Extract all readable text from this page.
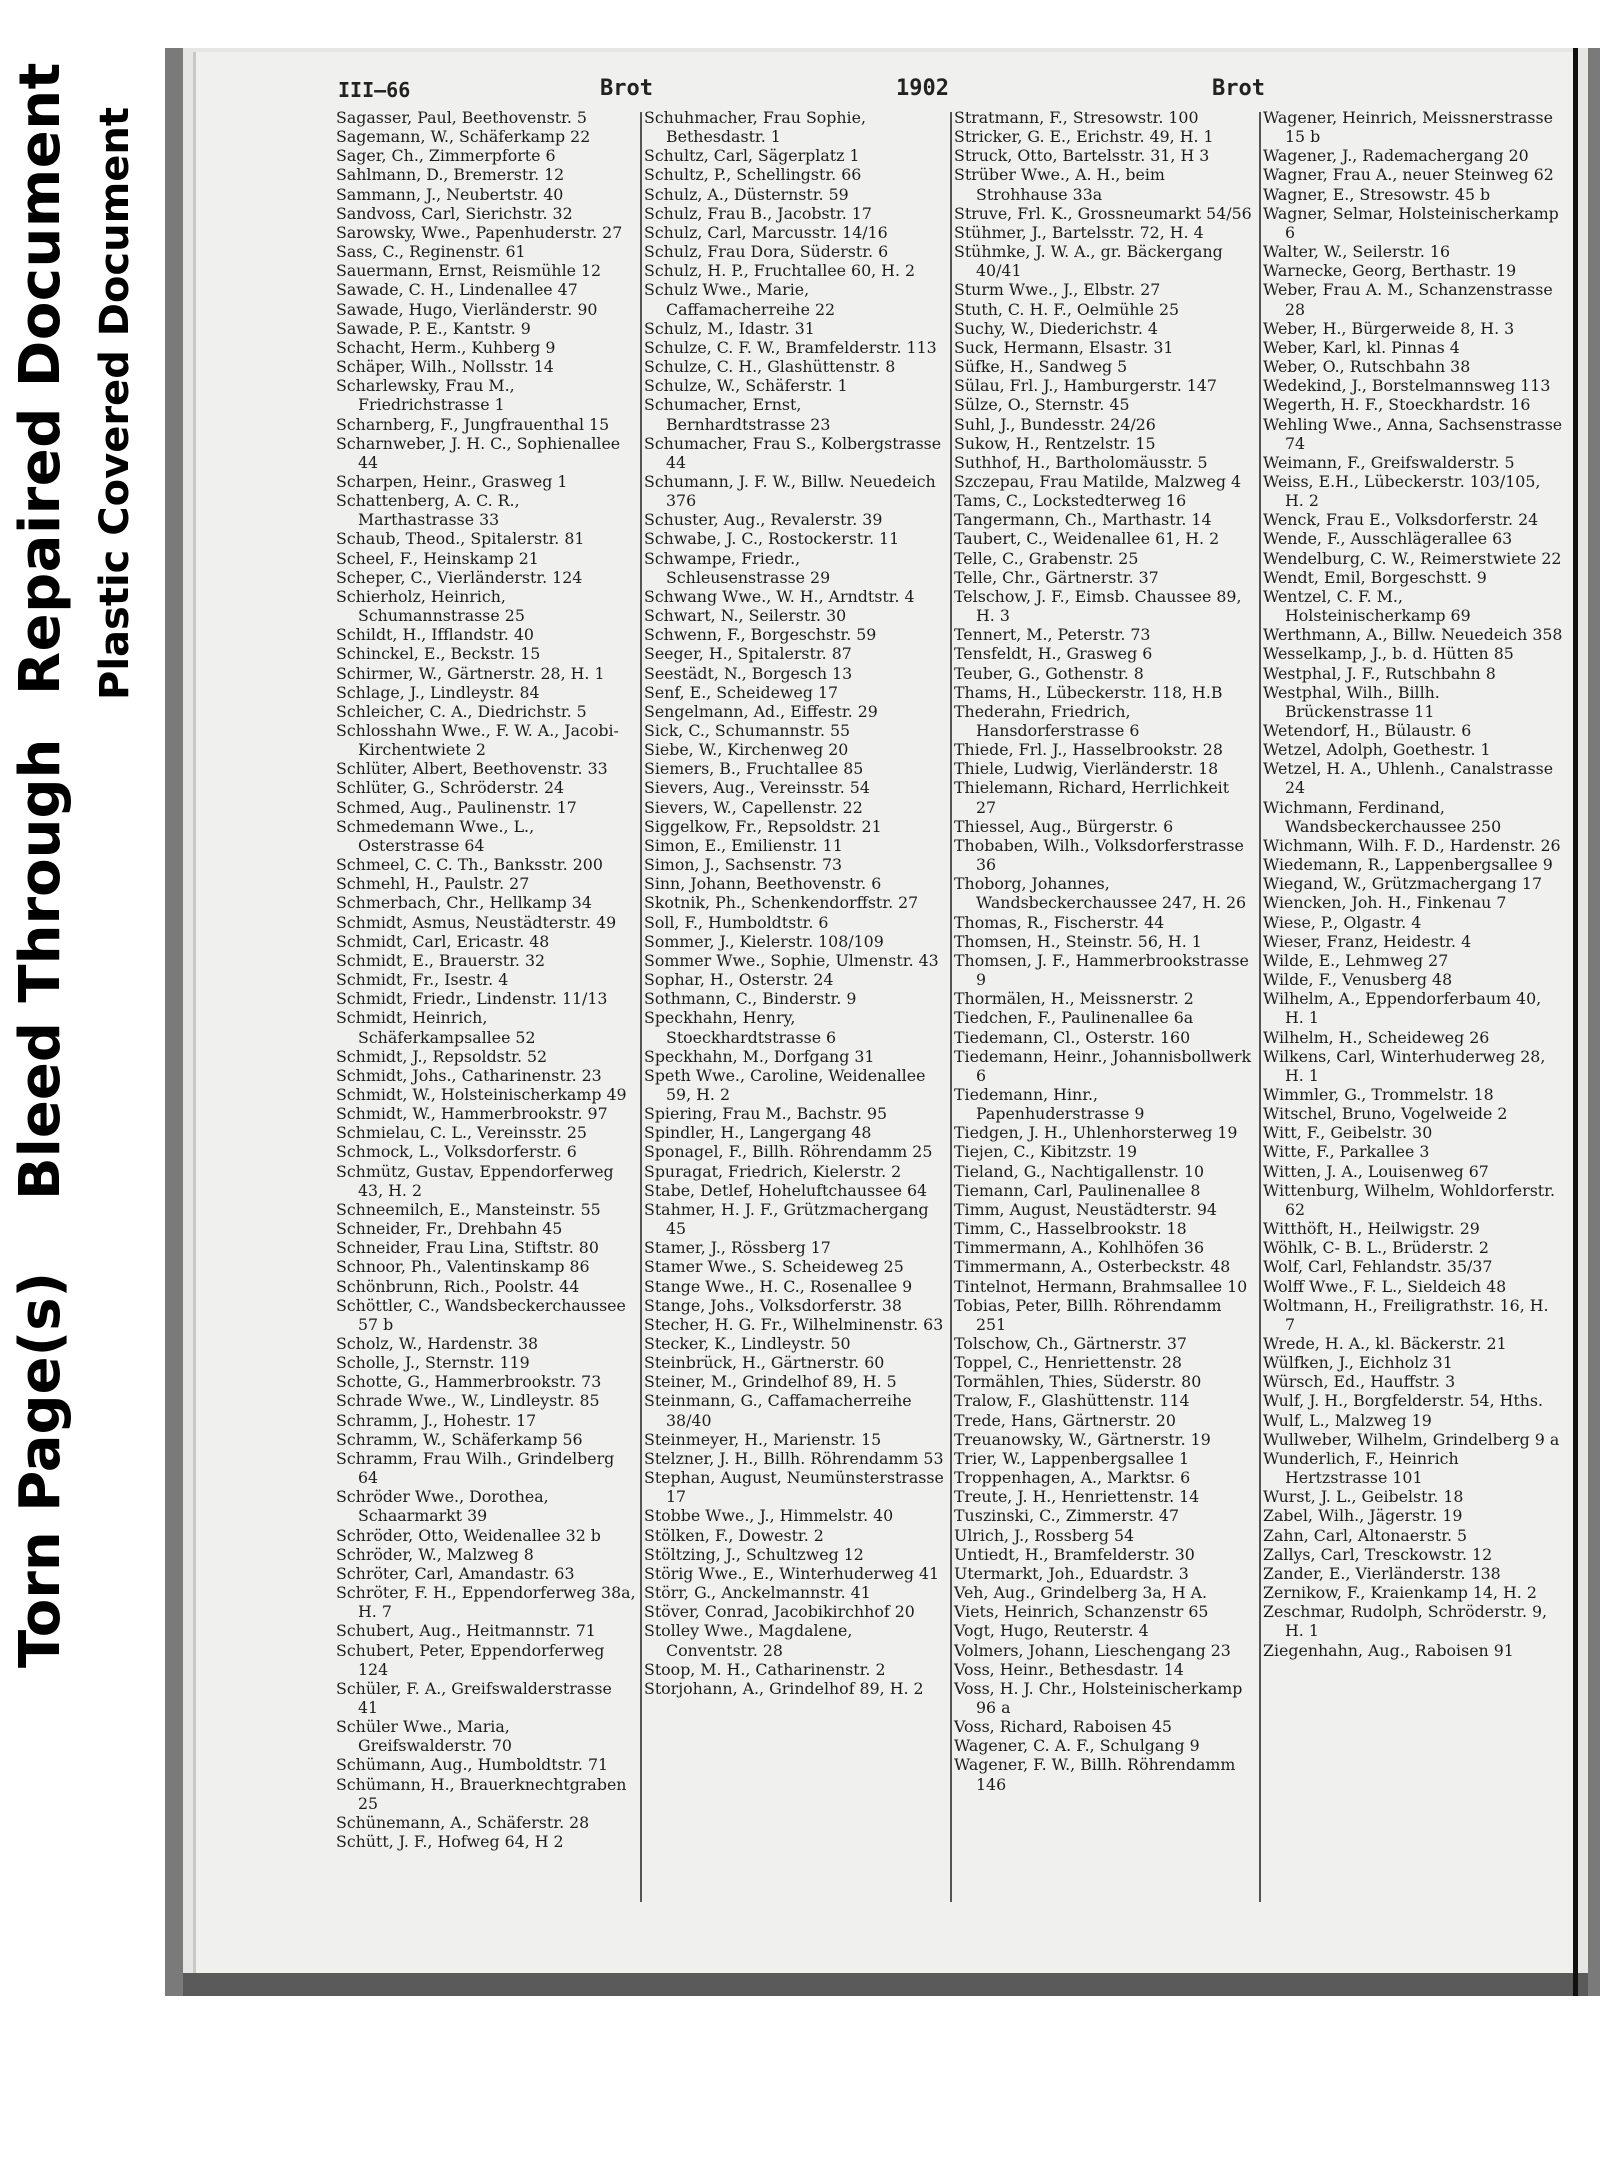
Repaired Document Plastic Covered Document
Bleed Through
Torn Page(s)
III—66	Brot	1902	Brot

Sagasser, Paul, Beethovenstr. 5

Sagemann, W., Schäferkamp 22

Sager, Ch., Zimmerpforte 6

Sahlmann, D., Bremerstr. 12

Sammann, J., Neubertstr. 40

Sandvoss, Carl, Sierichstr. 32

Sarowsky, Wwe., Papenhuderstr. 27

Sass, C., Reginenstr. 61

Sauermann, Ernst, Reismühle 12

Sawade, C. H., Lindenallee 47

Sawade, Hugo, Vierländerstr. 90

Sawade, P. E., Kantstr. 9

Schacht, Herm., Kuhberg 9

Schäper, Wilh., Nollsstr. 14

Scharlewsky, Frau M., Friedrichstrasse 1

Scharnberg, F., Jungfrauenthal 15

Scharnweber, J. H. C., Sophienallee 44

Scharpen, Heinr., Grasweg 1

Schattenberg, A. C. R., Marthastrasse 33

Schaub, Theod., Spitalerstr. 81

Scheel, F., Heinskamp 21

Scheper, C., Vierländerstr. 124

Schierholz, Heinrich, Schumannstrasse 25

Schildt, H., Ifflandstr. 40

Schinckel, E., Beckstr. 15

Schirmer, W., Gärtnerstr. 28, H. 1

Schlage, J., Lindleystr. 84

Schleicher, C. A., Diedrichstr. 5

Schlosshahn Wwe., F. W. A., Jacobi-Kirchentwiete 2

Schlüter, Albert, Beethovenstr. 33

Schlüter, G., Schröderstr. 24

Schmed, Aug., Paulinenstr. 17

Schmedemann Wwe., L., Osterstrasse 64

Schmeel, C. C. Th., Banksstr. 200

Schmehl, H., Paulstr. 27

Schmerbach, Chr., Hellkamp 34

Schmidt, Asmus, Neustädterstr. 49

Schmidt, Carl, Ericastr. 48

Schmidt, E., Brauerstr. 32

Schmidt, Fr., Isestr. 4

Schmidt, Friedr., Lindenstr. 11/13

Schmidt, Heinrich, Schäferkampsallee 52

Schmidt, J., Repsoldstr. 52

Schmidt, Johs., Catharinenstr. 23

Schmidt, W., Holsteinischerkamp 49

Schmidt, W., Hammerbrookstr. 97

Schmielau, C. L., Vereinsstr. 25

Schmock, L., Volksdorferstr. 6

Schmütz, Gustav, Eppendorferweg 43, H. 2

Schneemilch, E., Mansteinstr. 55

Schneider, Fr., Drehbahn 45

Schneider, Frau Lina, Stiftstr. 80

Schnoor, Ph., Valentinskamp 86

Schönbrunn, Rich., Poolstr. 44

Schöttler, C., Wandsbeckerchaussee 57 b

Scholz, W., Hardenstr. 38

Scholle, J., Sternstr. 119

Schotte, G., Hammerbrookstr. 73

Schrade Wwe., W., Lindleystr. 85

Schramm, J., Hohestr. 17

Schramm, W., Schäferkamp 56

Schramm, Frau Wilh., Grindelberg 64

Schröder Wwe., Dorothea, Schaarmarkt 39

Schröder, Otto, Weidenallee 32 b

Schröder, W., Malzweg 8

Schröter, Carl, Amandastr. 63

Schröter, F. H., Eppendorferweg 38a, H. 7

Schubert, Aug., Heitmannstr. 71

Schubert, Peter, Eppendorferweg 124

Schüler, F. A., Greifswalderstrasse 41

Schüler Wwe., Maria, Greifswalderstr. 70

Schümann, Aug., Humboldtstr. 71

Schümann, H., Brauerknechtgraben 25

Schünemann, A., Schäferstr. 28

Schütt, J. F., Hofweg 64, H 2

Schuhmacher, Frau Sophie, Bethesdastr. 1

Schultz, Carl, Sägerplatz 1

Schultz, P., Schellingstr. 66

Schulz, A., Düsternstr. 59

Schulz, Frau B., Jacobstr. 17

Schulz, Carl, Marcusstr. 14/16

Schulz, Frau Dora, Süderstr. 6

Schulz, H. P., Fruchtallee 60, H. 2

Schulz Wwe., Marie, Caffamacherreihe 22

Schulz, M., Idastr. 31

Schulze, C. F. W., Bramfelderstr. 113

Schulze, C. H., Glashüttenstr. 8

Schulze, W., Schäferstr. 1

Schumacher, Ernst, Bernhardtstrasse 23

Schumacher, Frau S., Kolbergstrasse 44

Schumann, J. F. W., Billw. Neuedeich 376

Schuster, Aug., Revalerstr. 39

Schwabe, J. C., Rostockerstr. 11

Schwampe, Friedr., Schleusenstrasse 29

Schwang Wwe., W. H., Arndtstr. 4

Schwart, N., Seilerstr. 30

Schwenn, F., Borgeschstr. 59

Seeger, H., Spitalerstr. 87

Seestädt, N., Borgesch 13

Senf, E., Scheideweg 17

Sengelmann, Ad., Eiffestr. 29

Sick, C., Schumannstr. 55

Siebe, W., Kirchenweg 20

Siemers, B., Fruchtallee 85

Sievers, Aug., Vereinsstr. 54

Sievers, W., Capellenstr. 22

Siggelkow, Fr., Repsoldstr. 21

Simon, E., Emilienstr. 11

Simon, J., Sachsenstr. 73

Sinn, Johann, Beethovenstr. 6

Skotnik, Ph., Schenkendorffstr. 27

Soll, F., Humboldtstr. 6

Sommer, J., Kielerstr. 108/109

Sommer Wwe., Sophie, Ulmenstr. 43

Sophar, H., Osterstr. 24

Sothmann, C., Binderstr. 9

Speckhahn, Henry, Stoeckhardtstrasse 6

Speckhahn, M., Dorfgang 31

Speth Wwe., Caroline, Weidenallee 59, H. 2

Spiering, Frau M., Bachstr. 95

Spindler, H., Langergang 48

Sponagel, F., Billh. Röhrendamm 25

Spuragat, Friedrich, Kielerstr. 2

Stabe, Detlef, Hoheluftchaussee 64

Stahmer, H. J. F., Grützmachergang 45

Stamer, J., Rössberg 17

Stamer Wwe., S. Scheideweg 25

Stange Wwe., H. C., Rosenallee 9

Stange, Johs., Volksdorferstr. 38

Stecher, H. G. Fr., Wilhelminenstr. 63

Stecker, K., Lindleystr. 50

Steinbrück, H., Gärtnerstr. 60

Steiner, M., Grindelhof 89, H. 5

Steinmann, G., Caffamacherreihe 38/40

Steinmeyer, H., Marienstr. 15

Stelzner, J. H., Billh. Röhrendamm 53

Stephan, August, Neumünsterstrasse 17

Stobbe Wwe., J., Himmelstr. 40

Stölken, F., Dowestr. 2

Stöltzing, J., Schultzweg 12

Störig Wwe., E., Winterhuderweg 41

Störr, G., Anckelmannstr. 41

Stöver, Conrad, Jacobikirchhof 20

Stolley Wwe., Magdalene, Conventstr. 28

Stoop, M. H., Catharinenstr. 2

Storjohann, A., Grindelhof 89, H. 2

Stratmann, F., Stresowstr. 100

Stricker, G. E., Erichstr. 49, H. 1

Struck, Otto, Bartelsstr. 31, H 3

Strüber Wwe., A. H., beim Strohhause 33a

Struve, Frl. K., Grossneumarkt 54/56

Stühmer, J., Bartelsstr. 72, H. 4

Stühmke, J. W. A., gr. Bäckergang 40/41

Sturm Wwe., J., Elbstr. 27

Stuth, C. H. F., Oelmühle 25

Suchy, W., Diederichstr. 4

Suck, Hermann, Elsastr. 31

Süfke, H., Sandweg 5

Sülau, Frl. J., Hamburgerstr. 147

Sülze, O., Sternstr. 45

Suhl, J., Bundesstr. 24/26

Sukow, H., Rentzelstr. 15

Suthhof, H., Bartholomäusstr. 5

Szczepau, Frau Matilde, Malzweg 4

Tams, C., Lockstedterweg 16

Tangermann, Ch., Marthastr. 14

Taubert, C., Weidenallee 61, H. 2

Telle, C., Grabenstr. 25

Telle, Chr., Gärtnerstr. 37

Telschow, J. F., Eimsb. Chaussee 89, H. 3

Tennert, M., Peterstr. 73

Tensfeldt, H., Grasweg 6

Teuber, G., Gothenstr. 8

Thams, H., Lübeckerstr. 118, H.B

Thederahn, Friedrich, Hansdorferstrasse 6

Thiede, Frl. J., Hasselbrookstr. 28

Thiele, Ludwig, Vierländerstr. 18

Thielemann, Richard, Herrlichkeit 27

Thiessel, Aug., Bürgerstr. 6

Thobaben, Wilh., Volksdorferstrasse 36

Thoborg, Johannes, Wandsbeckerchaussee 247, H. 26

Thomas, R., Fischerstr. 44

Thomsen, H., Steinstr. 56, H. 1

Thomsen, J. F., Hammerbrookstrasse 9

Thormälen, H., Meissnerstr. 2

Tiedchen, F., Paulinenallee 6a

Tiedemann, Cl., Osterstr. 160

Tiedemann, Heinr., Johannisbollwerk 6

Tiedemann, Hinr., Papenhuderstrasse 9

Tiedgen, J. H., Uhlenhorsterweg 19

Tiejen, C., Kibitzstr. 19

Tieland, G., Nachtigallenstr. 10

Tiemann, Carl, Paulinenallee 8

Timm, August, Neustädterstr. 94

Timm, C., Hasselbrookstr. 18

Timmermann, A., Kohlhöfen 36

Timmermann, A., Osterbeckstr. 48

Tintelnot, Hermann, Brahmsallee 10

Tobias, Peter, Billh. Röhrendamm 251

Tolschow, Ch., Gärtnerstr. 37

Toppel, C., Henriettenstr. 28

Tormählen, Thies, Süderstr. 80

Tralow, F., Glashüttenstr. 114

Trede, Hans, Gärtnerstr. 20

Treuanowsky, W., Gärtnerstr. 19

Trier, W., Lappenbergsallee 1

Troppenhagen, A., Marktsr. 6

Treute, J. H., Henriettenstr. 14

Tuszinski, C., Zimmerstr. 47

Ulrich, J., Rossberg 54

Untiedt, H., Bramfelderstr. 30

Utermarkt, Joh., Eduardstr. 3

Veh, Aug., Grindelberg 3a, H A.

Viets, Heinrich, Schanzenstr 65

Vogt, Hugo, Reuterstr. 4

Volmers, Johann, Lieschengang 23

Voss, Heinr., Bethesdastr. 14

Voss, H. J. Chr., Holsteinischerkamp 96 a

Voss, Richard, Raboisen 45

Wagener, C. A. F., Schulgang 9

Wagener, F. W., Billh. Röhrendamm 146

Wagener, Heinrich, Meissnerstrasse 15 b

Wagener, J., Rademachergang 20

Wagner, Frau A., neuer Steinweg 62

Wagner, E., Stresowstr. 45 b

Wagner, Selmar, Holsteinischerkamp 6

Walter, W., Seilerstr. 16

Warnecke, Georg, Berthastr. 19

Weber, Frau A. M., Schanzenstrasse 28

Weber, H., Bürgerweide 8, H. 3

Weber, Karl, kl. Pinnas 4

Weber, O., Rutschbahn 38

Wedekind, J., Borstelmannsweg 113

Wegerth, H. F., Stoeckhardstr. 16

Wehling Wwe., Anna, Sachsenstrasse 74

Weimann, F., Greifswalderstr. 5

Weiss, E.H., Lübeckerstr. 103/105, H. 2

Wenck, Frau E., Volksdorferstr. 24

Wende, F., Ausschlägerallee 63

Wendelburg, C. W., Reimerstwiete 22

Wendt, Emil, Borgeschstt. 9

Wentzel, C. F. M., Holsteinischerkamp 69

Werthmann, A., Billw. Neuedeich 358

Wesselkamp, J., b. d. Hütten 85

Westphal, J. F., Rutschbahn 8

Westphal, Wilh., Billh. Brückenstrasse 11

Wetendorf, H., Bülaustr. 6

Wetzel, Adolph, Goethestr. 1

Wetzel, H. A., Uhlenh., Canalstrasse 24

Wichmann, Ferdinand, Wandsbeckerchaussee 250

Wichmann, Wilh. F. D., Hardenstr. 26

Wiedemann, R., Lappenbergsallee 9

Wiegand, W., Grützmachergang 17

Wiencken, Joh. H., Finkenau 7

Wiese, P., Olgastr. 4

Wieser, Franz, Heidestr. 4

Wilde, E., Lehmweg 27

Wilde, F., Venusberg 48

Wilhelm, A., Eppendorferbaum 40, H. 1

Wilhelm, H., Scheideweg 26

Wilkens, Carl, Winterhuderweg 28, H. 1

Wimmler, G., Trommelstr. 18

Witschel, Bruno, Vogelweide 2

Witt, F., Geibelstr. 30

Witte, F., Parkallee 3

Witten, J. A., Louisenweg 67

Wittenburg, Wilhelm, Wohldorferstr. 62

Witthöft, H., Heilwigstr. 29

Wöhlk, C- B. L., Brüderstr. 2

Wolf, Carl, Fehlandstr. 35/37

Wolff Wwe., F. L., Sieldeich 48

Woltmann, H., Freiligrathstr. 16, H. 7

Wrede, H. A., kl. Bäckerstr. 21

Wülfken, J., Eichholz 31

Würsch, Ed., Hauffstr. 3

Wulf, J. H., Borgfelderstr. 54, Hths.

Wulf, L., Malzweg 19

Wullweber, Wilhelm, Grindelberg 9 a

Wunderlich, F., Heinrich Hertzstrasse 101

Wurst, J. L., Geibelstr. 18

Zabel, Wilh., Jägerstr. 19

Zahn, Carl, Altonaerstr. 5

Zallys, Carl, Tresckowstr. 12

Zander, E., Vierländerstr. 138

Zernikow, F., Kraienkamp 14, H. 2

Zeschmar, Rudolph, Schröderstr. 9, H. 1

Ziegenhahn, Aug., Raboisen 91
